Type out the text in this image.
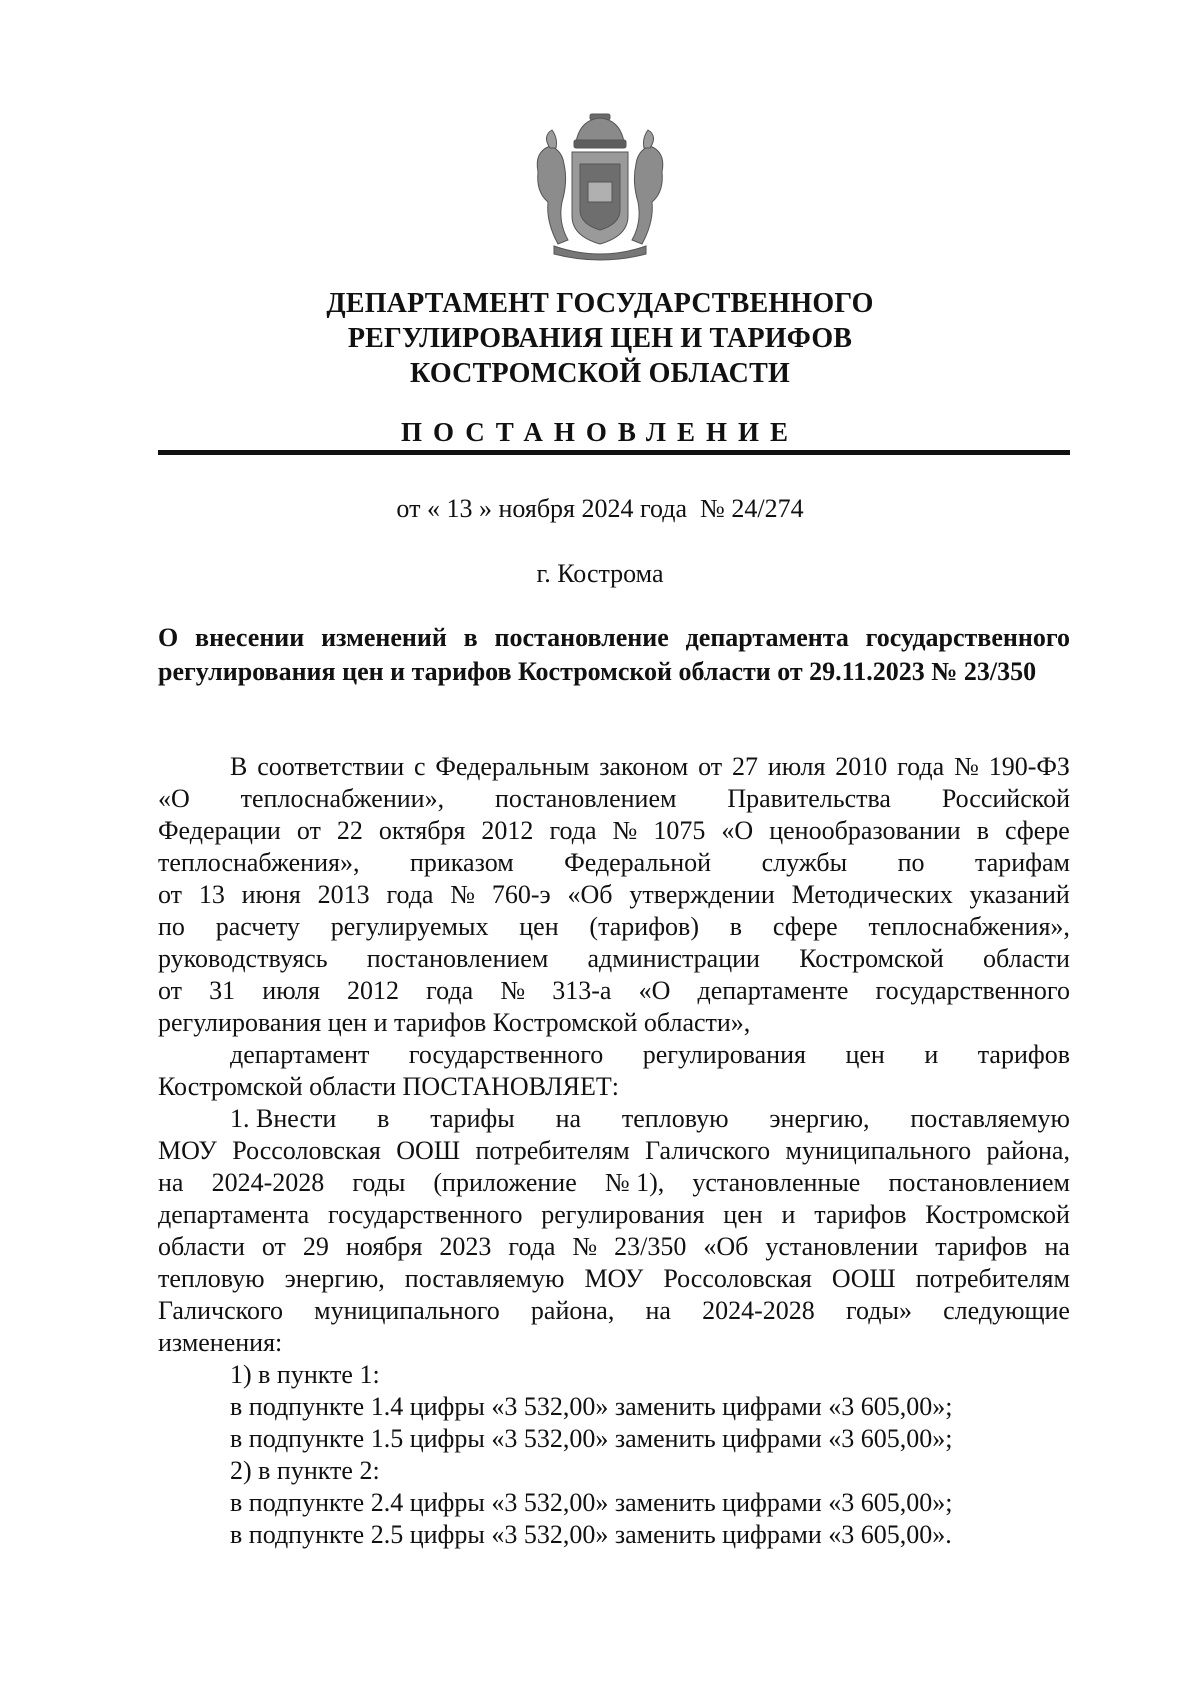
ДЕПАРТАМЕНТ ГОСУДАРСТВЕННОГО
РЕГУЛИРОВАНИЯ ЦЕН И ТАРИФОВ
КОСТРОМСКОЙ ОБЛАСТИ
ПОСТАНОВЛЕНИЕ
от « 13 » ноября 2024 года  № 24/274
г. Кострома
О внесении изменений в постановление департамента государственного
регулирования цен и тарифов Костромской области от 29.11.2023 № 23/350
В соответствии с Федеральным законом от 27 июля 2010 года № 190-ФЗ
«О теплоснабжении», постановлением Правительства Российской
Федерации от 22 октября 2012 года № 1075 «О ценообразовании в сфере
теплоснабжения», приказом Федеральной службы по тарифам
от 13 июня 2013 года № 760-э «Об утверждении Методических указаний
по расчету регулируемых цен (тарифов) в сфере теплоснабжения»,
руководствуясь постановлением администрации Костромской области
от 31 июля 2012 года № 313-а «О департаменте государственного
регулирования цен и тарифов Костромской области»,
департамент государственного регулирования цен и тарифов
Костромской области ПОСТАНОВЛЯЕТ:
1. Внести в тарифы на тепловую энергию, поставляемую
МОУ Россоловская ООШ потребителям Галичского муниципального района,
на 2024-2028 годы (приложение № 1), установленные постановлением
департамента государственного регулирования цен и тарифов Костромской
области от 29 ноября 2023 года № 23/350 «Об установлении тарифов на
тепловую энергию, поставляемую МОУ Россоловская ООШ потребителям
Галичского муниципального района, на 2024-2028 годы» следующие
изменения:
1) в пункте 1:
в подпункте 1.4 цифры «3 532,00» заменить цифрами «3 605,00»;
в подпункте 1.5 цифры «3 532,00» заменить цифрами «3 605,00»;
2) в пункте 2:
в подпункте 2.4 цифры «3 532,00» заменить цифрами «3 605,00»;
в подпункте 2.5 цифры «3 532,00» заменить цифрами «3 605,00».
